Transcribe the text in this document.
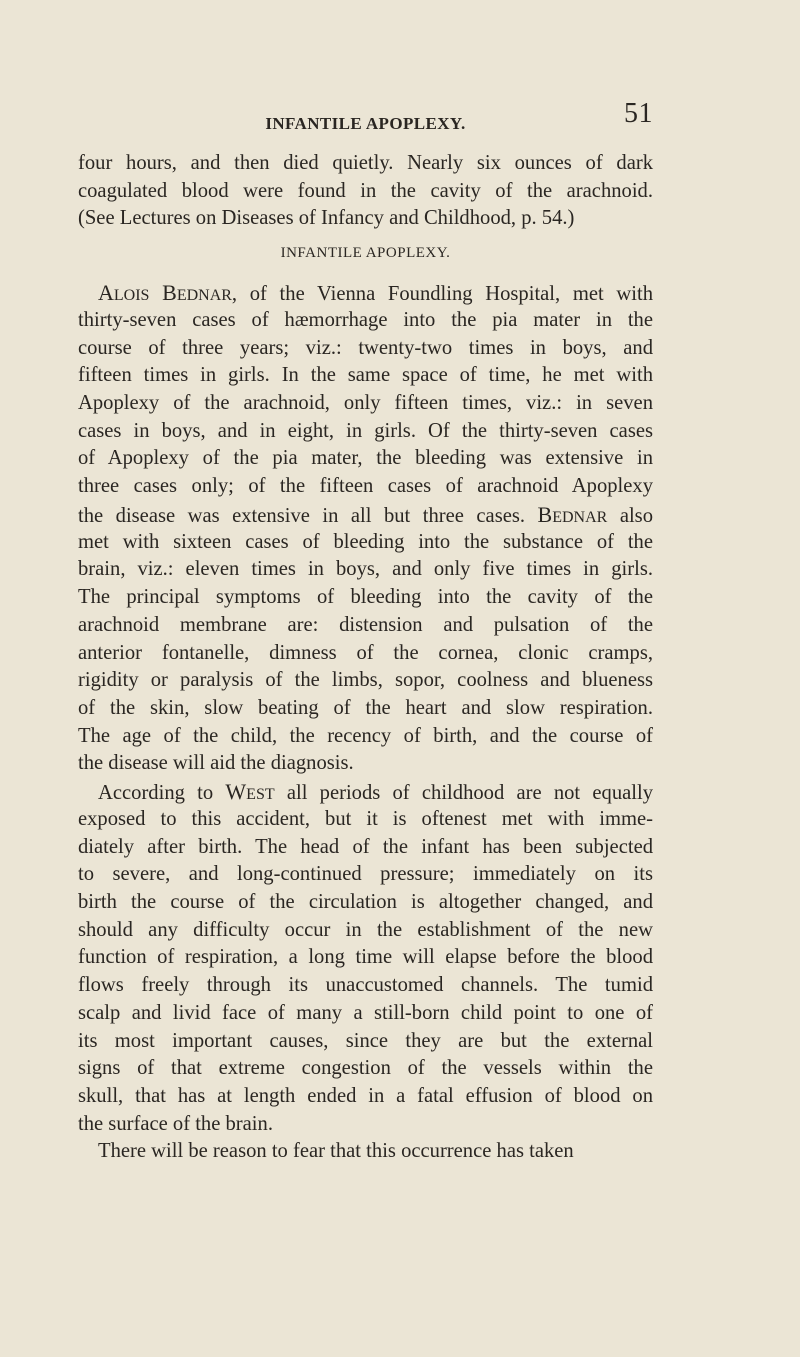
INFANTILE APOPLEXY.	51
four hours, and then died quietly. Nearly six ounces of dark
coagulated blood were found in the cavity of the arachnoid.
(See Lectures on Diseases of Infancy and Childhood, p. 54.)
INFANTILE APOPLEXY.
ALOIS BEDNAR, of the Vienna Foundling Hospital, met with
thirty-seven cases of hæmorrhage into the pia mater in the
course of three years; viz.: twenty-two times in boys, and
fifteen times in girls. In the same space of time, he met with
Apoplexy of the arachnoid, only fifteen times, viz.: in seven
cases in boys, and in eight, in girls. Of the thirty-seven cases
of Apoplexy of the pia mater, the bleeding was extensive in
three cases only; of the fifteen cases of arachnoid Apoplexy
the disease was extensive in all but three cases. BEDNAR also
met with sixteen cases of bleeding into the substance of the
brain, viz.: eleven times in boys, and only five times in girls.
The principal symptoms of bleeding into the cavity of the
arachnoid membrane are: distension and pulsation of the
anterior fontanelle, dimness of the cornea, clonic cramps,
rigidity or paralysis of the limbs, sopor, coolness and blueness
of the skin, slow beating of the heart and slow respiration.
The age of the child, the recency of birth, and the course of
the disease will aid the diagnosis.
According to WEST all periods of childhood are not equally
exposed to this accident, but it is oftenest met with imme-
diately after birth. The head of the infant has been subjected
to severe, and long-continued pressure; immediately on its
birth the course of the circulation is altogether changed, and
should any difficulty occur in the establishment of the new
function of respiration, a long time will elapse before the blood
flows freely through its unaccustomed channels. The tumid
scalp and livid face of many a still-born child point to one of
its most important causes, since they are but the external
signs of that extreme congestion of the vessels within the
skull, that has at length ended in a fatal effusion of blood on
the surface of the brain.
There will be reason to fear that this occurrence has taken
